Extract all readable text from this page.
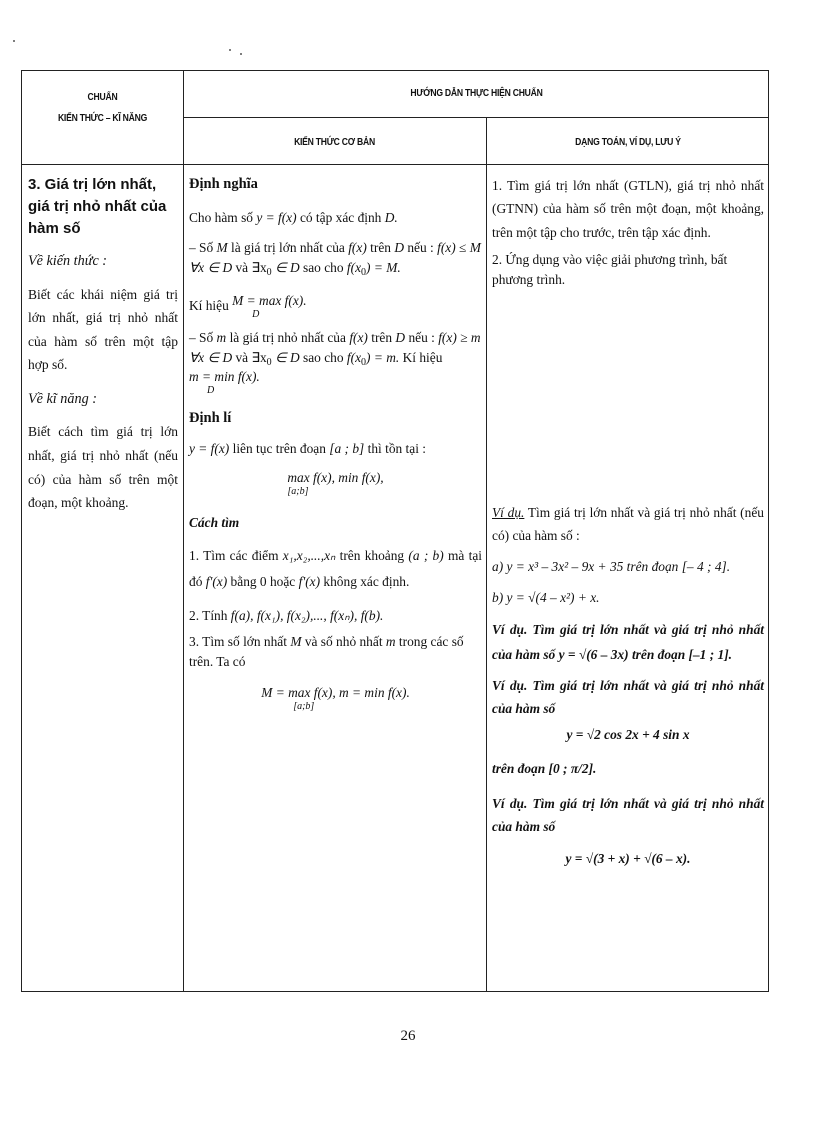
CHUẨN
KIẾN THỨC – KĨ NĂNG
HƯỚNG DẪN THỰC HIỆN CHUẨN
KIẾN THỨC CƠ BẢN	DẠNG TOÁN, VÍ DỤ, LƯU Ý

3. Giá trị lớn nhất, giá trị nhỏ nhất của hàm số

Về kiến thức :

Biết các khái niệm giá trị lớn nhất, giá trị nhỏ nhất của hàm số trên một tập hợp số.

Về kĩ năng :

Biết cách tìm giá trị lớn nhất, giá trị nhỏ nhất (nếu có) của hàm số trên một đoạn, một khoảng.

Định nghĩa

Cho hàm số y = f(x) có tập xác định D.

– Số M là giá trị lớn nhất của f(x) trên D nếu : f(x) ≤ M
∀x ∈ D và $\exists x_0$ ∈ D sao cho $f(x_0) = M$.

Kí hiệu M = max f(x).
D

– Số m là giá trị nhỏ nhất của f(x) trên D nếu : f(x) ≥ m
∀x ∈ D và $\exists x_0$ ∈ D sao cho $f(x_0) = m$. Kí hiệu m = min f(x).
D

Định lí

y = f(x) liên tục trên đoạn [a ; b] thì tồn tại :

max f(x), min f(x),
[a;b]

Cách tìm

1. Tìm các điểm x₁,x₂,...,xₙ trên khoảng (a ; b) mà tại đó f'(x) bằng 0 hoặc f'(x) không xác định.

2. Tính f(a), f(x₁), f(x₂),..., f(xₙ), f(b).

3. Tìm số lớn nhất M và số nhỏ nhất m trong các số trên. Ta có

M = max f(x), m = min f(x).
[a;b]

1. Tìm giá trị lớn nhất (GTLN), giá trị nhỏ nhất (GTNN) của hàm số trên một đoạn, một khoảng, trên một tập cho trước, trên tập xác định.

2. Ứng dụng vào việc giải phương trình, bất phương trình.

Ví dụ. Tìm giá trị lớn nhất và giá trị nhỏ nhất (nếu có) của hàm số :

a) y = x³ – 3x² – 9x + 35 trên đoạn [– 4 ; 4].

b) y = √(4 – x²) + x.

Ví dụ. Tìm giá trị lớn nhất và giá trị nhỏ nhất của hàm số y = √(6 – 3x) trên đoạn [–1 ; 1].

Ví dụ. Tìm giá trị lớn nhất và giá trị nhỏ nhất của hàm số

y = √2 cos 2x + 4 sin x

trên đoạn [0 ; π/2].

Ví dụ. Tìm giá trị lớn nhất và giá trị nhỏ nhất của hàm số

y = √(3 + x) + √(6 – x).

26
